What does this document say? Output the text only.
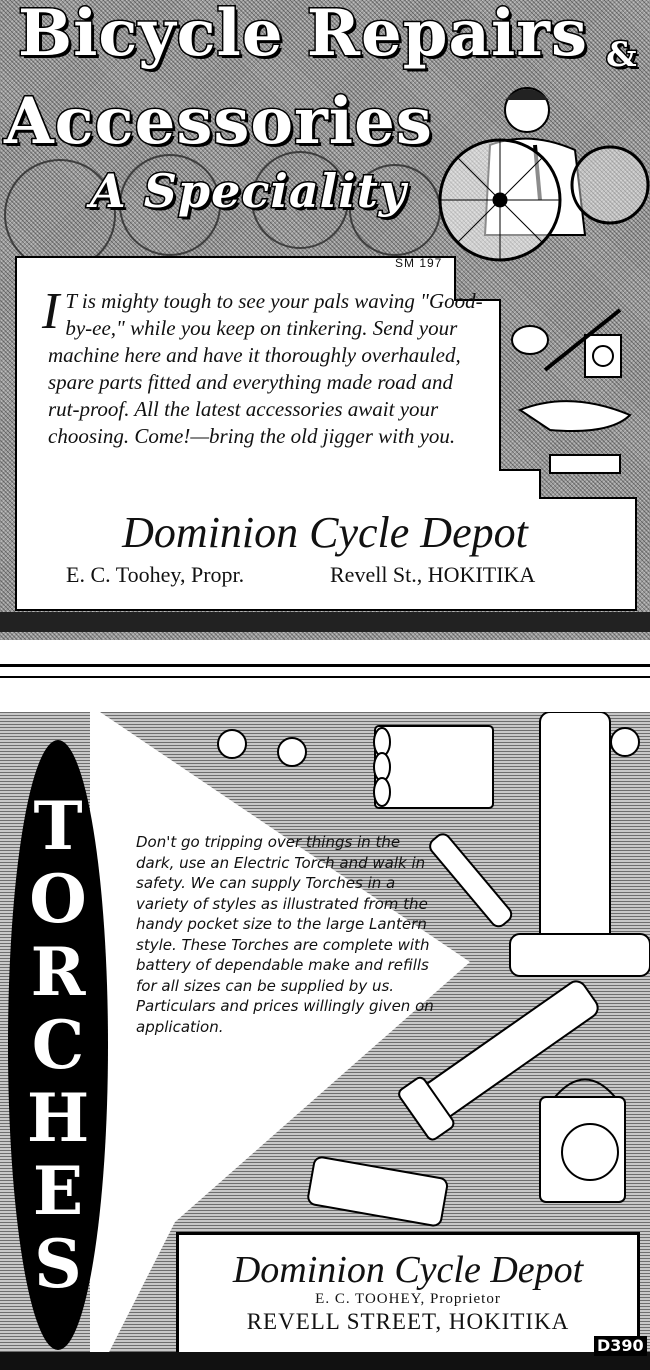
Bicycle Repairs &
Accessories
A Speciality
SM 197
I T is mighty tough to see your pals waving "Good-by-ee," while you keep on tinkering. Send your machine here and have it thoroughly overhauled, spare parts fitted and everything made road and rut-proof. All the latest accessories await your choosing. Come!—bring the old jigger with you.
Dominion Cycle Depot
E. C. Toohey, Propr.	Revell St., HOKITIKA
T
O
R
C
H
E
S
Don't go tripping over things in the dark, use an Electric Torch and walk in safety. We can supply Torches in a variety of styles as illustrated from the handy pocket size to the large Lantern style. These Torches are complete with battery of dependable make and refills for all sizes can be supplied by us. Particulars and prices willingly given on application.
Dominion Cycle Depot
E. C. TOOHEY, Proprietor
REVELL STREET, HOKITIKA
D390
